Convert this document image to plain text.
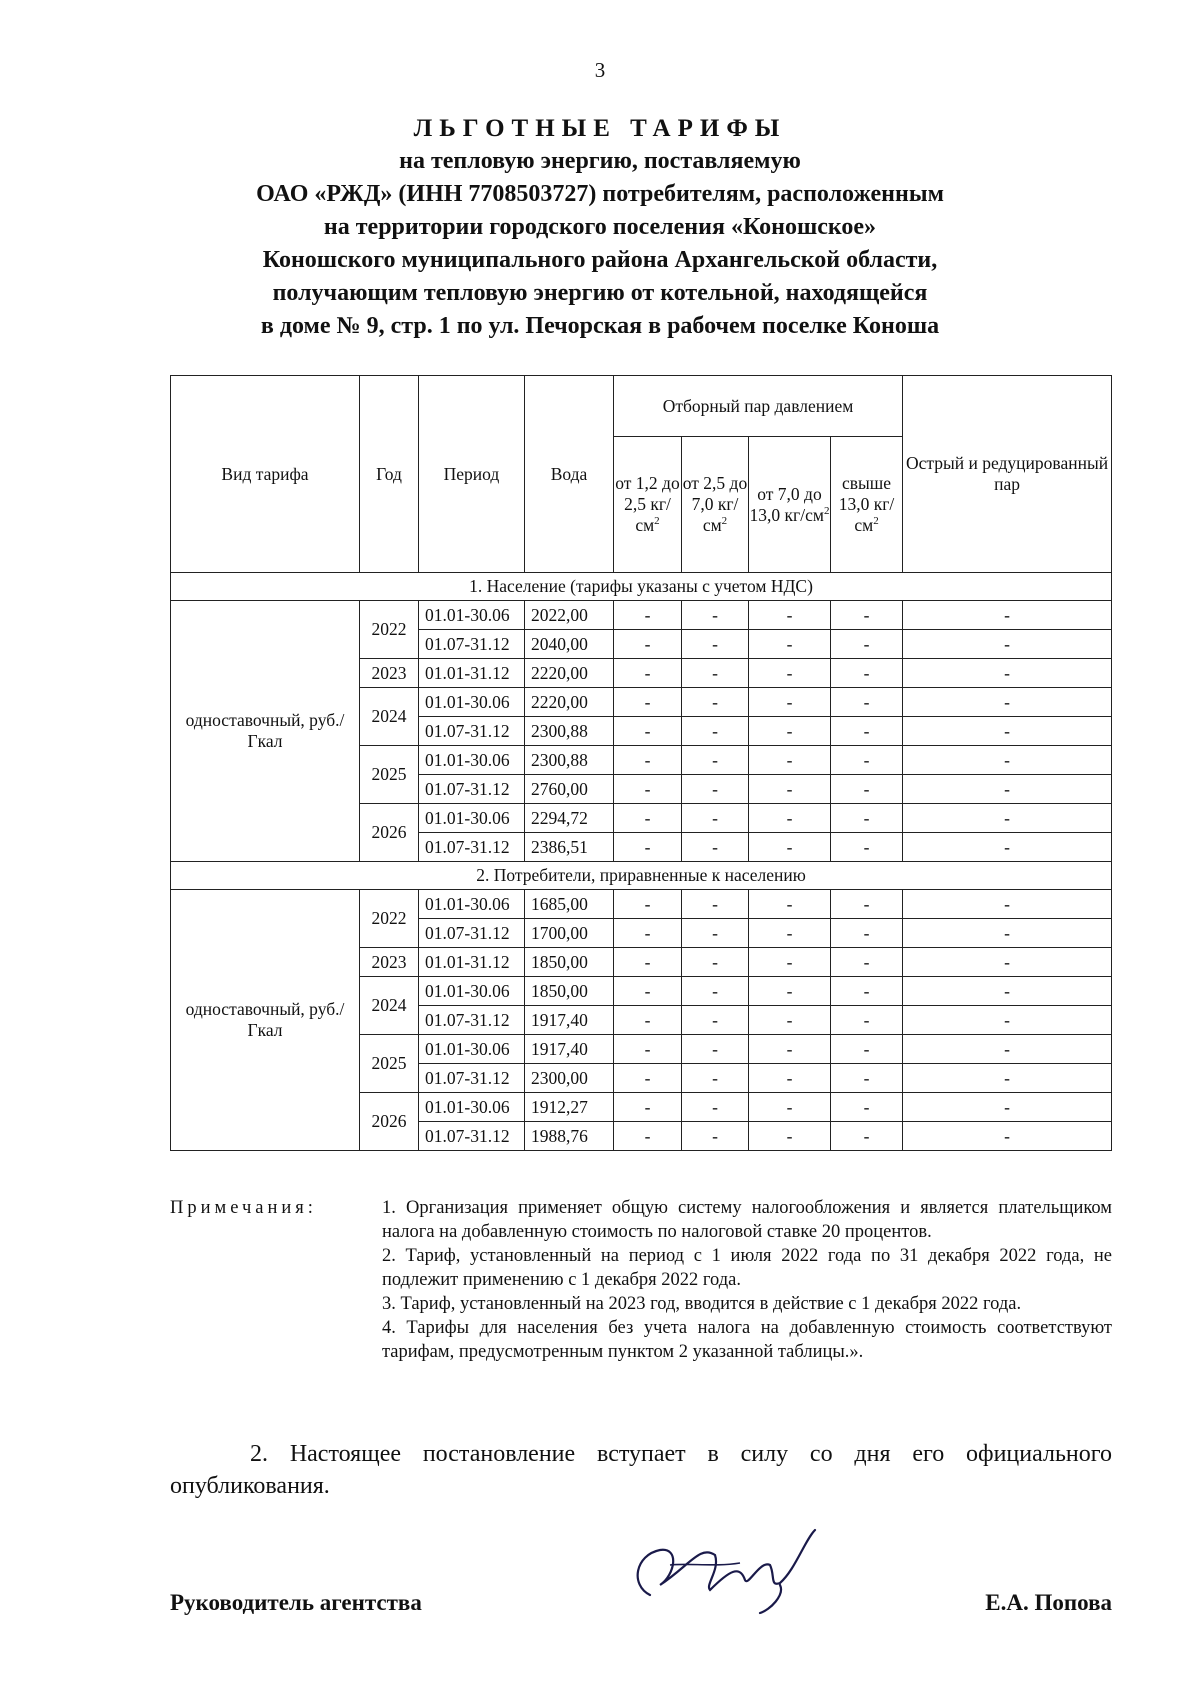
3
ЛЬГОТНЫЕ ТАРИФЫ
на тепловую энергию, поставляемую
ОАО «РЖД» (ИНН 7708503727) потребителям, расположенным
на территории городского поселения «Коношское»
Коношского муниципального района Архангельской области,
получающим тепловую энергию от котельной, находящейся
в доме № 9, стр. 1 по ул. Печорская в рабочем поселке Коноша
Вид тарифа	Год	Период	Вода	Отборный пар давлением				Острый и редуцированный пар
				от 1,2 до 2,5 $кг/см^2$	от 2,5 до 7,0 $кг/см^2$	от 7,0 до 13,0 $кг/см^2$	свыше 13,0 $кг/см^2$
1. Население (тарифы указаны с учетом НДС)								
одноставочный, руб./Гкал	2022	01.01-30.06	2022,00	-	-	-	-	-
		01.07-31.12	2040,00	-	-	-	-	-
	2023	01.01-31.12	2220,00	-	-	-	-	-
	2024	01.01-30.06	2220,00	-	-	-	-	-
		01.07-31.12	2300,88	-	-	-	-	-
	2025	01.01-30.06	2300,88	-	-	-	-	-
		01.07-31.12	2760,00	-	-	-	-	-
	2026	01.01-30.06	2294,72	-	-	-	-	-
		01.07-31.12	2386,51	-	-	-	-	-
2. Потребители, приравненные к населению								
одноставочный, руб./Гкал	2022	01.01-30.06	1685,00	-	-	-	-	-
		01.07-31.12	1700,00	-	-	-	-	-
	2023	01.01-31.12	1850,00	-	-	-	-	-
	2024	01.01-30.06	1850,00	-	-	-	-	-
		01.07-31.12	1917,40	-	-	-	-	-
	2025	01.01-30.06	1917,40	-	-	-	-	-
		01.07-31.12	2300,00	-	-	-	-	-
	2026	01.01-30.06	1912,27	-	-	-	-	-
		01.07-31.12	1988,76	-	-	-	-	-
Примечания:	1. Организация применяет общую систему налогообложения и является плательщиком налога на добавленную стоимость по налоговой ставке 20 процентов.

2. Тариф, установленный на период с 1 июля 2022 года по 31 декабря 2022 года, не подлежит применению с 1 декабря 2022 года.

3. Тариф, установленный на 2023 год, вводится в действие с 1 декабря 2022 года.

4. Тарифы для населения без учета налога на добавленную стоимость соответствуют тарифам, предусмотренным пунктом 2 указанной таблицы.».

2. Настоящее постановление вступает в силу со дня его официального опубликования.
Руководитель агентства	Е.А. Попова
